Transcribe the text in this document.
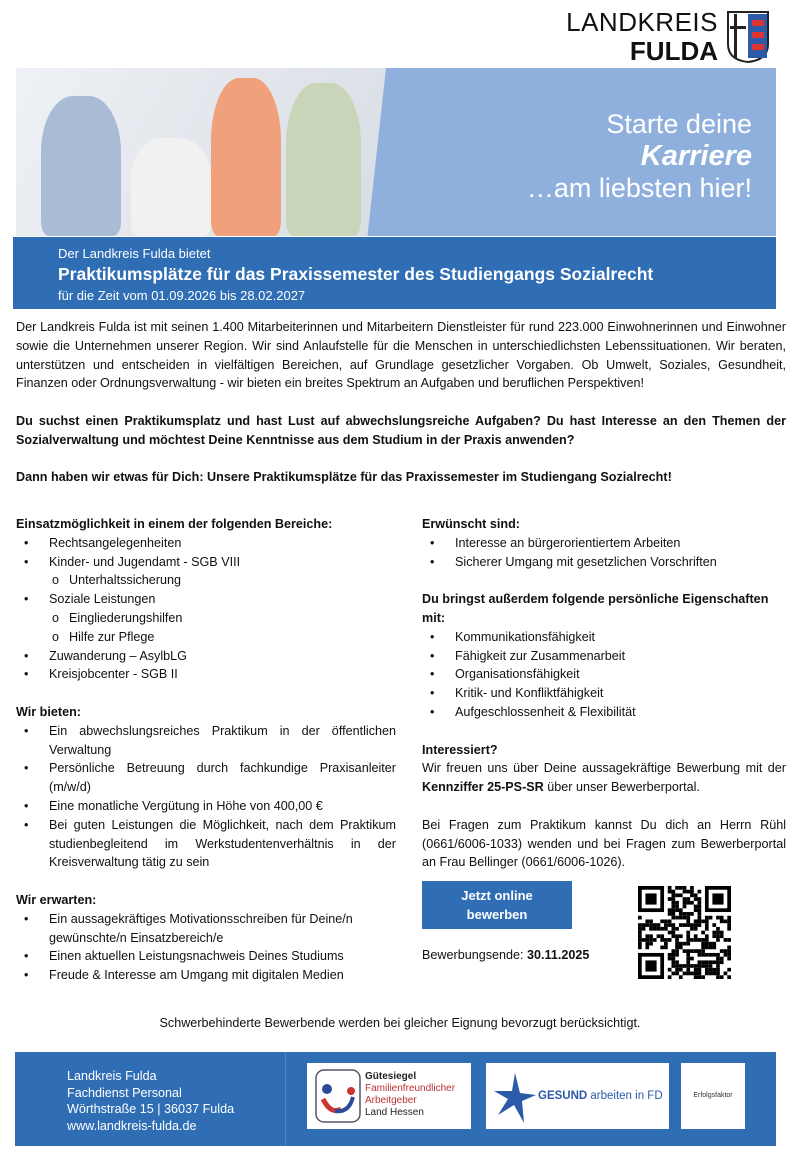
LANDKREIS
FULDA
Starte deine
Karriere
…am liebsten hier!
Der Landkreis Fulda bietet
Praktikumsplätze für das Praxissemester des Studiengangs Sozialrecht
für die Zeit vom 01.09.2026 bis 28.02.2027

Der Landkreis Fulda ist mit seinen 1.400 Mitarbeiterinnen und Mitarbeitern Dienstleister für rund 223.000 Einwohnerinnen und Einwohner sowie die Unternehmen unserer Region. Wir sind Anlaufstelle für die Menschen in unterschiedlichsten Lebenssituationen. Wir beraten, unterstützen und entscheiden in vielfältigen Bereichen, auf Grundlage gesetzlicher Vorgaben. Ob Umwelt, Soziales, Gesundheit, Finanzen oder Ordnungsverwaltung - wir bieten ein breites Spektrum an Aufgaben und beruflichen Perspektiven!

Du suchst einen Praktikumsplatz und hast Lust auf abwechslungsreiche Aufgaben? Du hast Interesse an den Themen der Sozialverwaltung und möchtest Deine Kenntnisse aus dem Studium in der Praxis anwenden?

Dann haben wir etwas für Dich: Unsere Praktikumsplätze für das Praxissemester im Studiengang Sozialrecht!

Einsatzmöglichkeit in einem der folgenden Bereiche:
• Rechtsangelegenheiten
• Kinder- und Jugendamt - SGB VIII
o Unterhaltssicherung
• Soziale Leistungen
o Eingliederungshilfen
o Hilfe zur Pflege
• Zuwanderung – AsylbLG
• Kreisjobcenter - SGB II
Wir bieten:
• Ein abwechslungsreiches Praktikum in der öffentlichen Verwaltung
• Persönliche Betreuung durch fachkundige Praxisanleiter (m/w/d)
• Eine monatliche Vergütung in Höhe von 400,00 €
• Bei guten Leistungen die Möglichkeit, nach dem Praktikum studienbegleitend im Werkstudentenverhältnis in der Kreisverwaltung tätig zu sein
Wir erwarten:
• Ein aussagekräftiges Motivationsschreiben für Deine/n gewünschte/n Einsatzbereich/e
• Einen aktuellen Leistungsnachweis Deines Studiums
• Freude & Interesse am Umgang mit digitalen Medien
Erwünscht sind:
• Interesse an bürgerorientiertem Arbeiten
• Sicherer Umgang mit gesetzlichen Vorschriften
Du bringst außerdem folgende persönliche Eigenschaften mit:
• Kommunikationsfähigkeit
• Fähigkeit zur Zusammenarbeit
• Organisationsfähigkeit
• Kritik- und Konfliktfähigkeit
• Aufgeschlossenheit & Flexibilität
Interessiert?

Wir freuen uns über Deine aussagekräftige Bewerbung mit der Kennziffer 25-PS-SR über unser Bewerberportal.

Bei Fragen zum Praktikum kannst Du dich an Herrn Rühl (0661/6006-1033) wenden und bei Fragen zum Bewerberportal an Frau Bellinger (0661/6006-1026).

Jetzt online
bewerben
Bewerbungsende: 30.11.2025
Schwerbehinderte Bewerbende werden bei gleicher Eignung bevorzugt berücksichtigt.
Landkreis Fulda
Fachdienst Personal
Wörthstraße 15 | 36037 Fulda
www.landkreis-fulda.de
Gütesiegel
Familienfreundlicher
Arbeitgeber
Land Hessen
GESUND arbeiten in FD
Mitglied
im
Erfolgsfaktor
Familie
